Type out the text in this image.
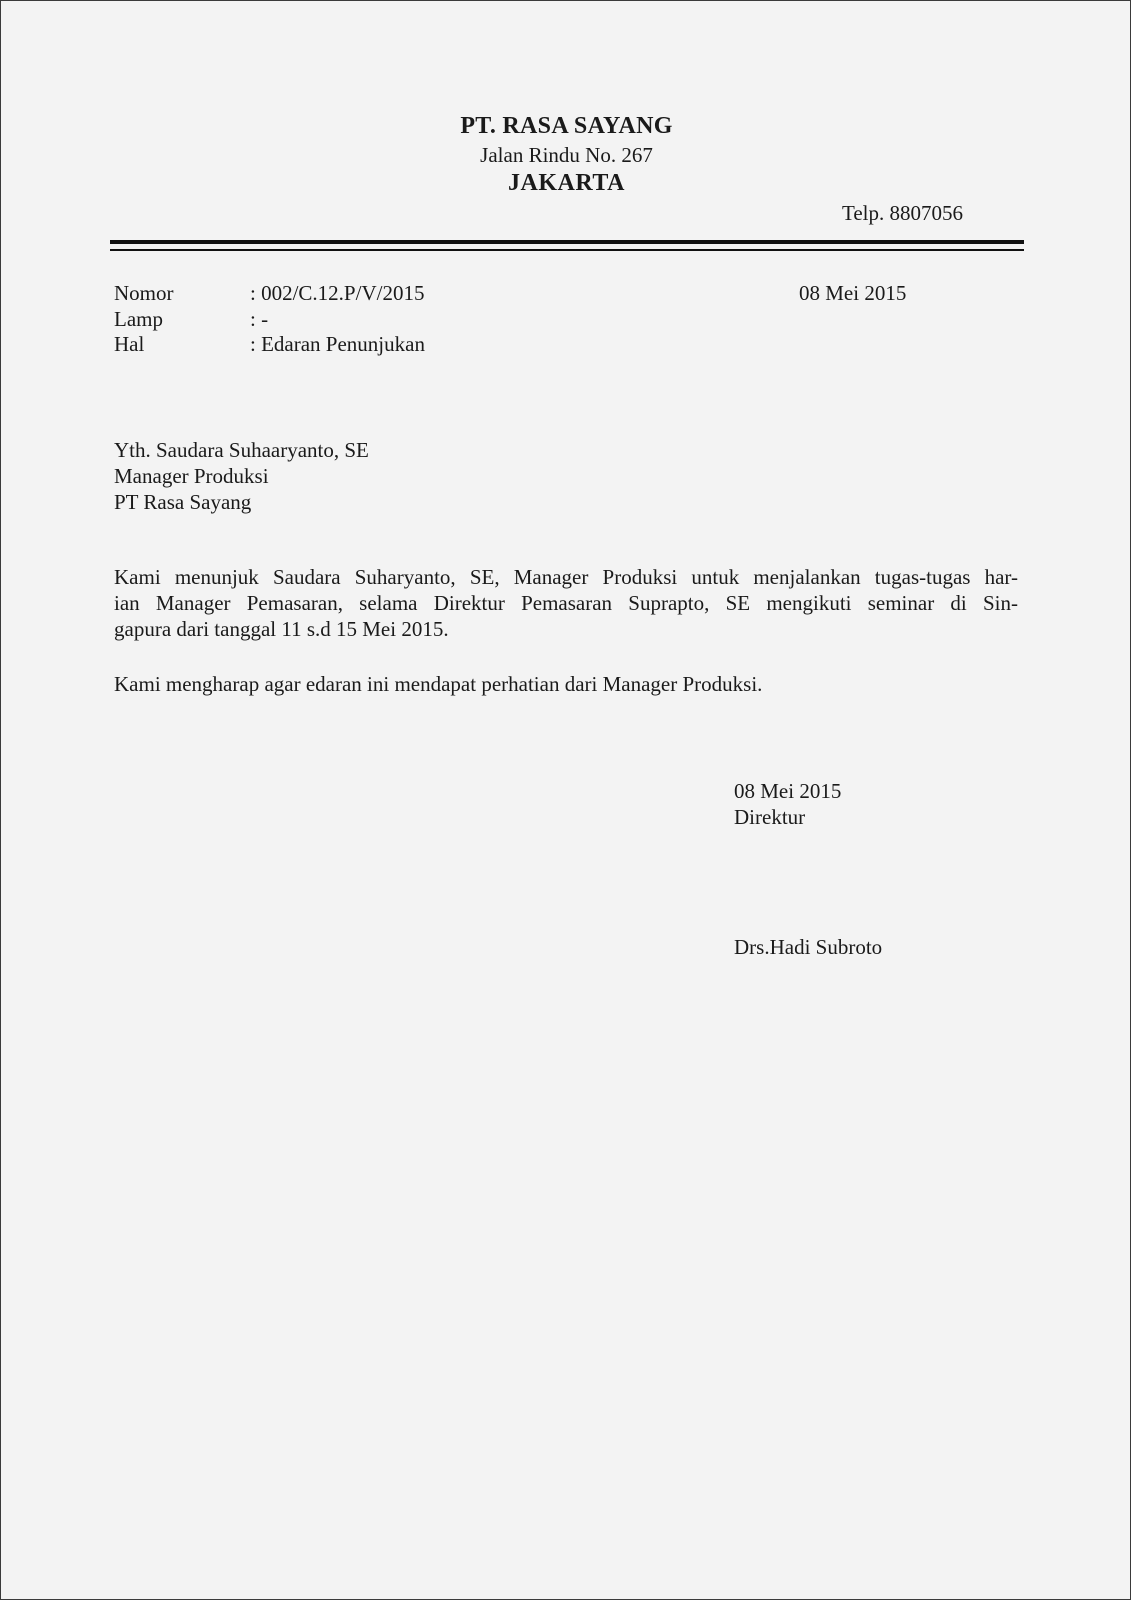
PT. RASA SAYANG
Jalan Rindu No. 267
JAKARTA
Telp. 8807056
Nomor	: 002/C.12.P/V/2015
Lamp	: -
Hal	: Edaran Penunjukan
08 Mei 2015
Yth. Saudara Suhaaryanto, SE
Manager Produksi
PT Rasa Sayang
Kami menunjuk Saudara Suharyanto, SE, Manager Produksi untuk menjalankan tugas-tugas har-
ian Manager Pemasaran, selama Direktur Pemasaran Suprapto, SE mengikuti seminar di Sin-
gapura dari tanggal 11 s.d 15 Mei 2015.
Kami mengharap agar edaran ini mendapat perhatian dari Manager Produksi.
08 Mei 2015
Direktur
Drs.Hadi Subroto
